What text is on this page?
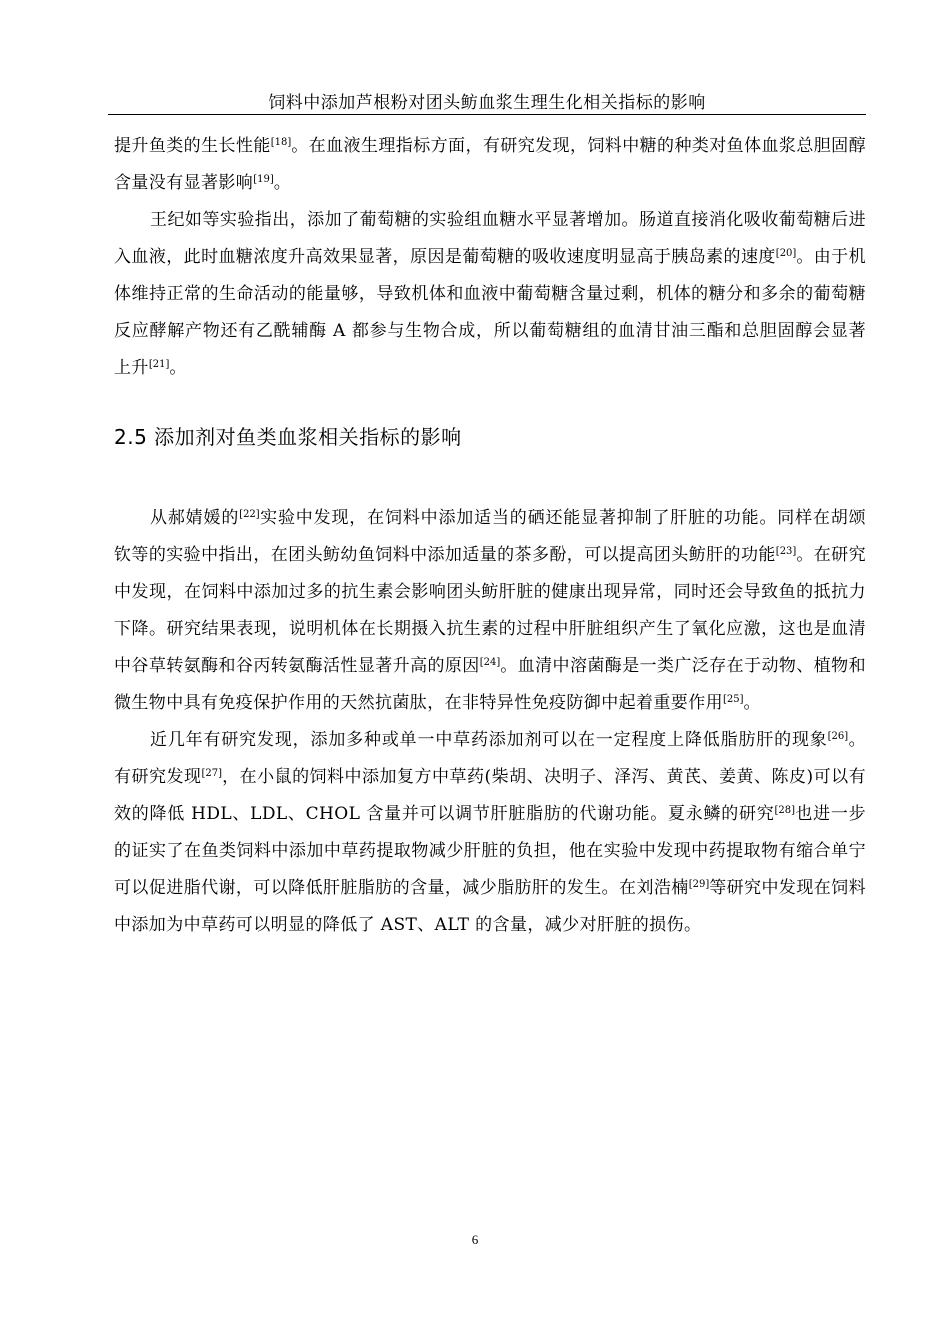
饲料中添加芦根粉对团头鲂血浆生理生化相关指标的影响

提升鱼类的生长性能[18]。在血液生理指标方面，有研究发现，饲料中糖的种类对鱼体血浆总胆固醇含量没有显著影响[19]。

王纪如等实验指出，添加了葡萄糖的实验组血糖水平显著增加。肠道直接消化吸收葡萄糖后进入血液，此时血糖浓度升高效果显著，原因是葡萄糖的吸收速度明显高于胰岛素的速度[20]。由于机体维持正常的生命活动的能量够，导致机体和血液中葡萄糖含量过剩，机体的糖分和多余的葡萄糖反应酵解产物还有乙酰辅酶 A 都参与生物合成，所以葡萄糖组的血清甘油三酯和总胆固醇会显著上升[21]。

2.5 添加剂对鱼类血浆相关指标的影响

从郝婧媛的[22]实验中发现，在饲料中添加适当的硒还能显著抑制了肝脏的功能。同样在胡颂钦等的实验中指出，在团头鲂幼鱼饲料中添加适量的茶多酚，可以提高团头鲂肝的功能[23]。在研究中发现，在饲料中添加过多的抗生素会影响团头鲂肝脏的健康出现异常，同时还会导致鱼的抵抗力下降。研究结果表现，说明机体在长期摄入抗生素的过程中肝脏组织产生了氧化应激，这也是血清中谷草转氨酶和谷丙转氨酶活性显著升高的原因[24]。血清中溶菌酶是一类广泛存在于动物、植物和微生物中具有免疫保护作用的天然抗菌肽，在非特异性免疫防御中起着重要作用[25]。

近几年有研究发现，添加多种或单一中草药添加剂可以在一定程度上降低脂肪肝的现象[26]。有研究发现[27]，在小鼠的饲料中添加复方中草药(柴胡、决明子、泽泻、黄芪、姜黄、陈皮)可以有效的降低 HDL、LDL、CHOL 含量并可以调节肝脏脂肪的代谢功能。夏永鳞的研究[28]也进一步的证实了在鱼类饲料中添加中草药提取物减少肝脏的负担，他在实验中发现中药提取物有缩合单宁可以促进脂代谢，可以降低肝脏脂肪的含量，减少脂肪肝的发生。在刘浩楠[29]等研究中发现在饲料中添加为中草药可以明显的降低了 AST、ALT 的含量，减少对肝脏的损伤。

6
